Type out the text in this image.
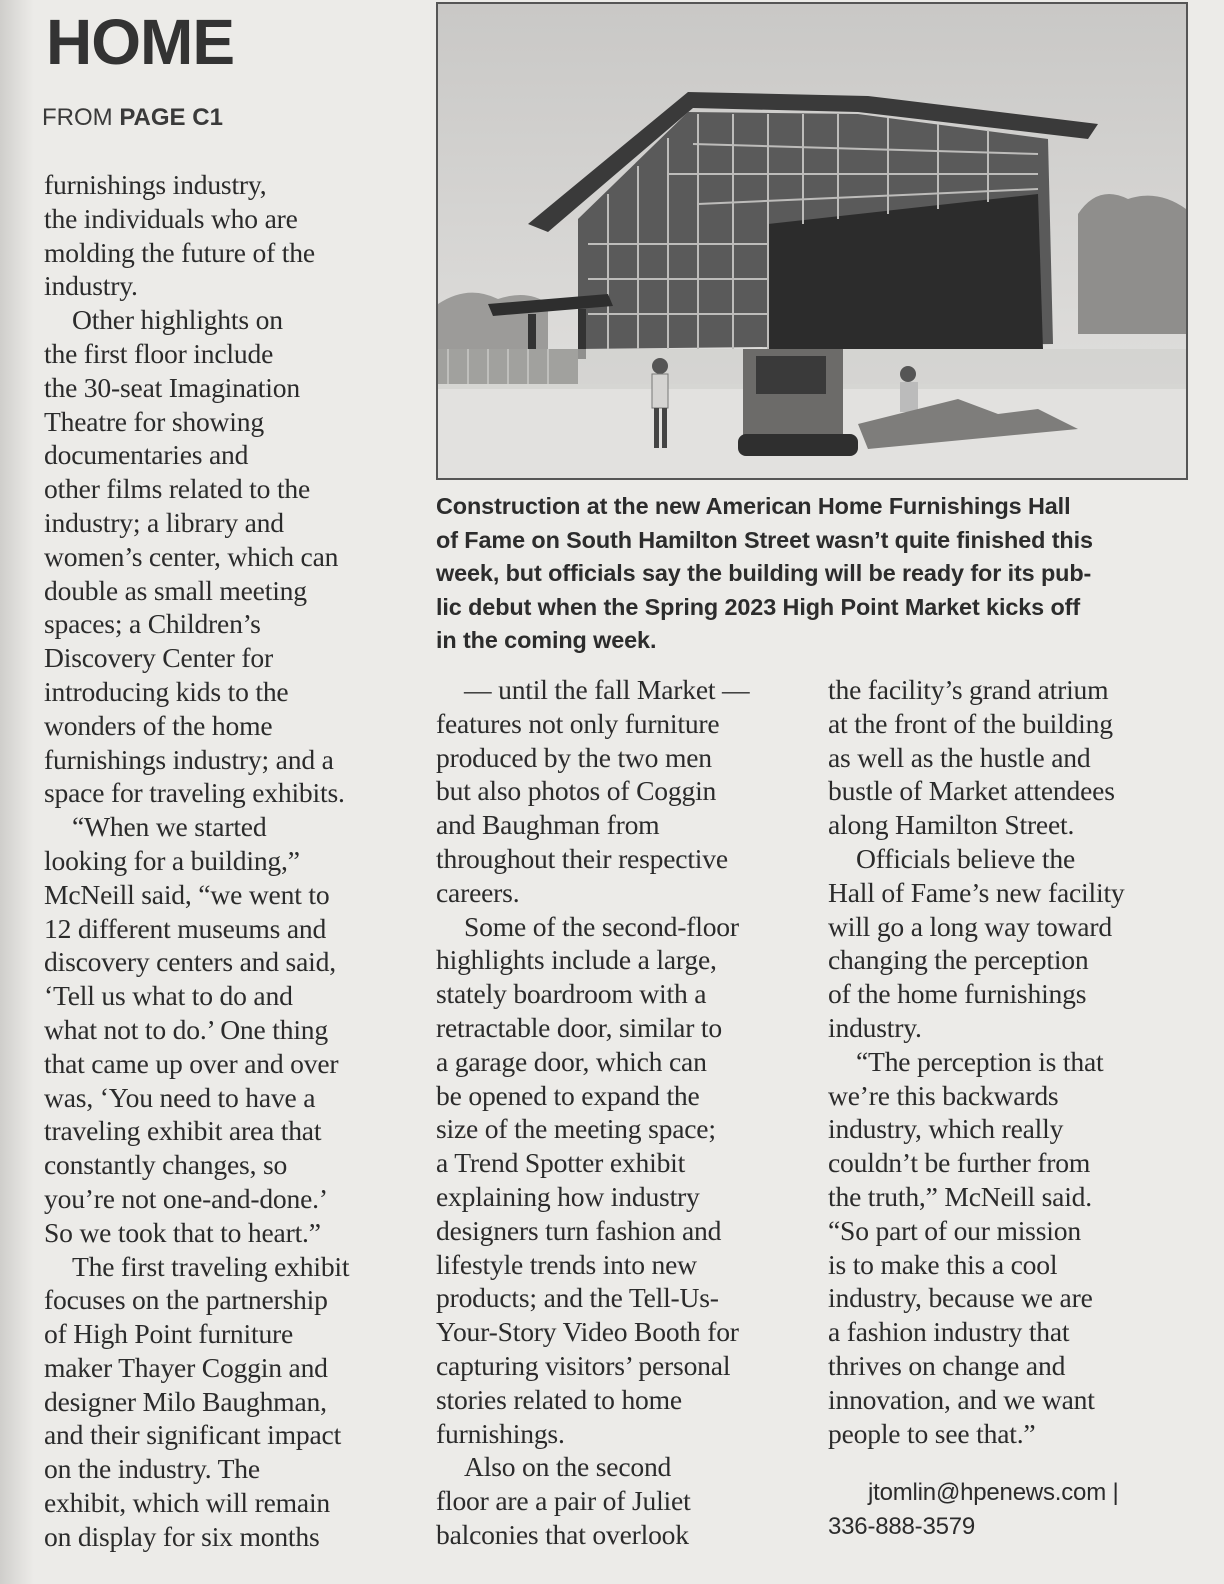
HOME
FROM PAGE C1
Construction at the new American Home Furnishings Hall
of Fame on South Hamilton Street wasn’t quite finished this
week, but officials say the building will be ready for its pub-
lic debut when the Spring 2023 High Point Market kicks off
in the coming week.
furnishings industry,
the individuals who are
molding the future of the
industry.
Other highlights on
the first floor include
the 30-seat Imagination
Theatre for showing
documentaries and
other films related to the
industry; a library and
women’s center, which can
double as small meeting
spaces; a Children’s
Discovery Center for
introducing kids to the
wonders of the home
furnishings industry; and a
space for traveling exhibits.
“When we started
looking for a building,”
McNeill said, “we went to
12 different museums and
discovery centers and said,
‘Tell us what to do and
what not to do.’ One thing
that came up over and over
was, ‘You need to have a
traveling exhibit area that
constantly changes, so
you’re not one-and-done.’
So we took that to heart.”
The first traveling exhibit
focuses on the partnership
of High Point furniture
maker Thayer Coggin and
designer Milo Baughman,
and their significant impact
on the industry. The
exhibit, which will remain
on display for six months
— until the fall Market —
features not only furniture
produced by the two men
but also photos of Coggin
and Baughman from
throughout their respective
careers.
Some of the second-floor
highlights include a large,
stately boardroom with a
retractable door, similar to
a garage door, which can
be opened to expand the
size of the meeting space;
a Trend Spotter exhibit
explaining how industry
designers turn fashion and
lifestyle trends into new
products; and the Tell-Us-
Your-Story Video Booth for
capturing visitors’ personal
stories related to home
furnishings.
Also on the second
floor are a pair of Juliet
balconies that overlook
the facility’s grand atrium
at the front of the building
as well as the hustle and
bustle of Market attendees
along Hamilton Street.
Officials believe the
Hall of Fame’s new facility
will go a long way toward
changing the perception
of the home furnishings
industry.
“The perception is that
we’re this backwards
industry, which really
couldn’t be further from
the truth,” McNeill said.
“So part of our mission
is to make this a cool
industry, because we are
a fashion industry that
thrives on change and
innovation, and we want
people to see that.”
jtomlin@hpenews.com |
336-888-3579
